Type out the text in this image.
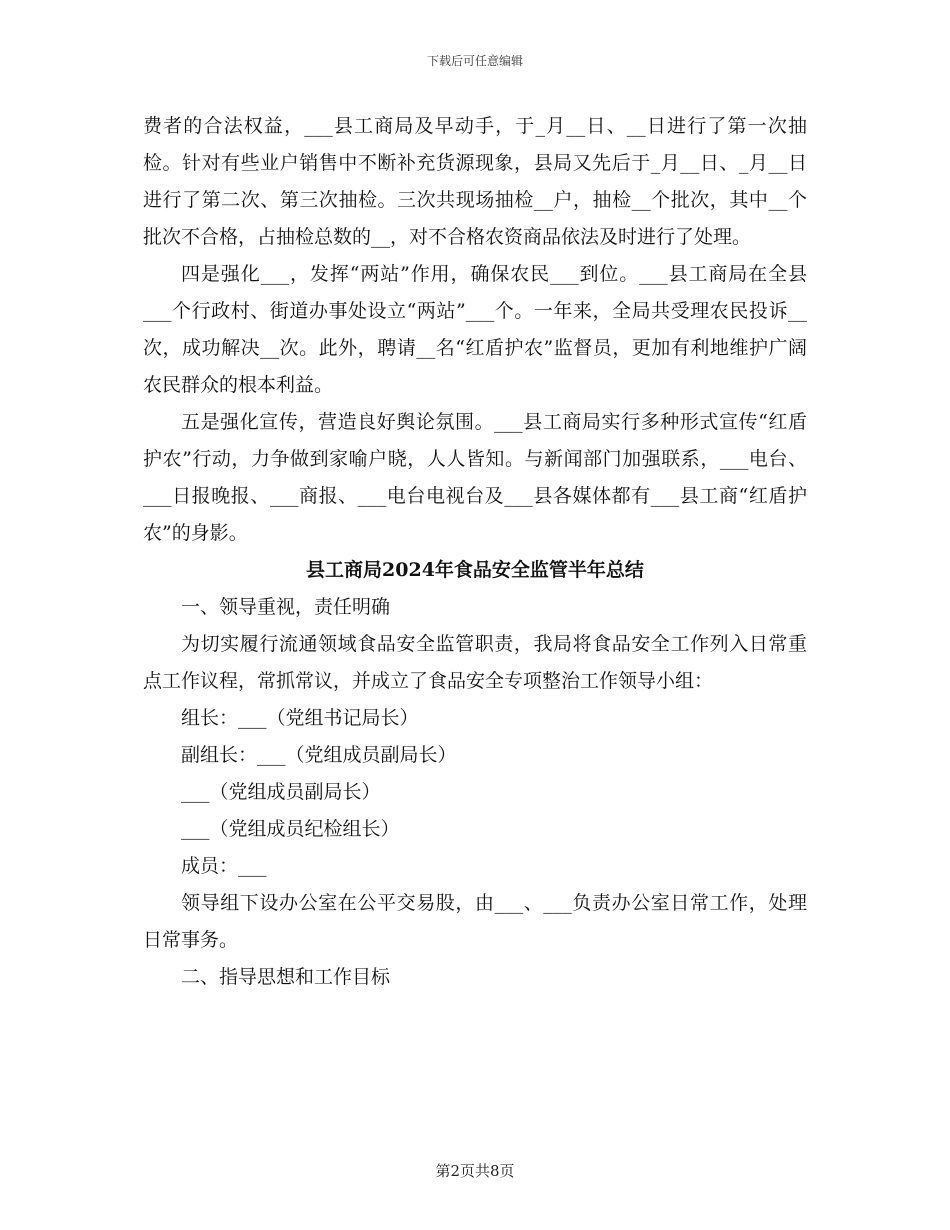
下载后可任意编辑

费者的合法权益，___县工商局及早动手，于_月__日、__日进行了第一次抽检。针对有些业户销售中不断补充货源现象，县局又先后于_月__日、_月__日进行了第二次、第三次抽检。三次共现场抽检__户，抽检__个批次，其中__个批次不合格，占抽检总数的__，对不合格农资商品依法及时进行了处理。

四是强化___，发挥“两站”作用，确保农民___到位。___县工商局在全县___个行政村、街道办事处设立“两站”___个。一年来，全局共受理农民投诉__次，成功解决__次。此外，聘请__名“红盾护农”监督员，更加有利地维护广阔农民群众的根本利益。

五是强化宣传，营造良好舆论氛围。___县工商局实行多种形式宣传“红盾护农”行动，力争做到家喻户晓，人人皆知。与新闻部门加强联系，___电台、___日报晚报、___商报、___电台电视台及___县各媒体都有___县工商“红盾护农”的身影。

县工商局2024年食品安全监管半年总结

一、领导重视，责任明确

为切实履行流通领域食品安全监管职责，我局将食品安全工作列入日常重点工作议程，常抓常议，并成立了食品安全专项整治工作领导小组：

组长：___（党组书记局长）

副组长：___（党组成员副局长）

___（党组成员副局长）

___（党组成员纪检组长）

成员：___

领导组下设办公室在公平交易股，由___、___负责办公室日常工作，处理日常事务。

二、指导思想和工作目标

第2页共8页
